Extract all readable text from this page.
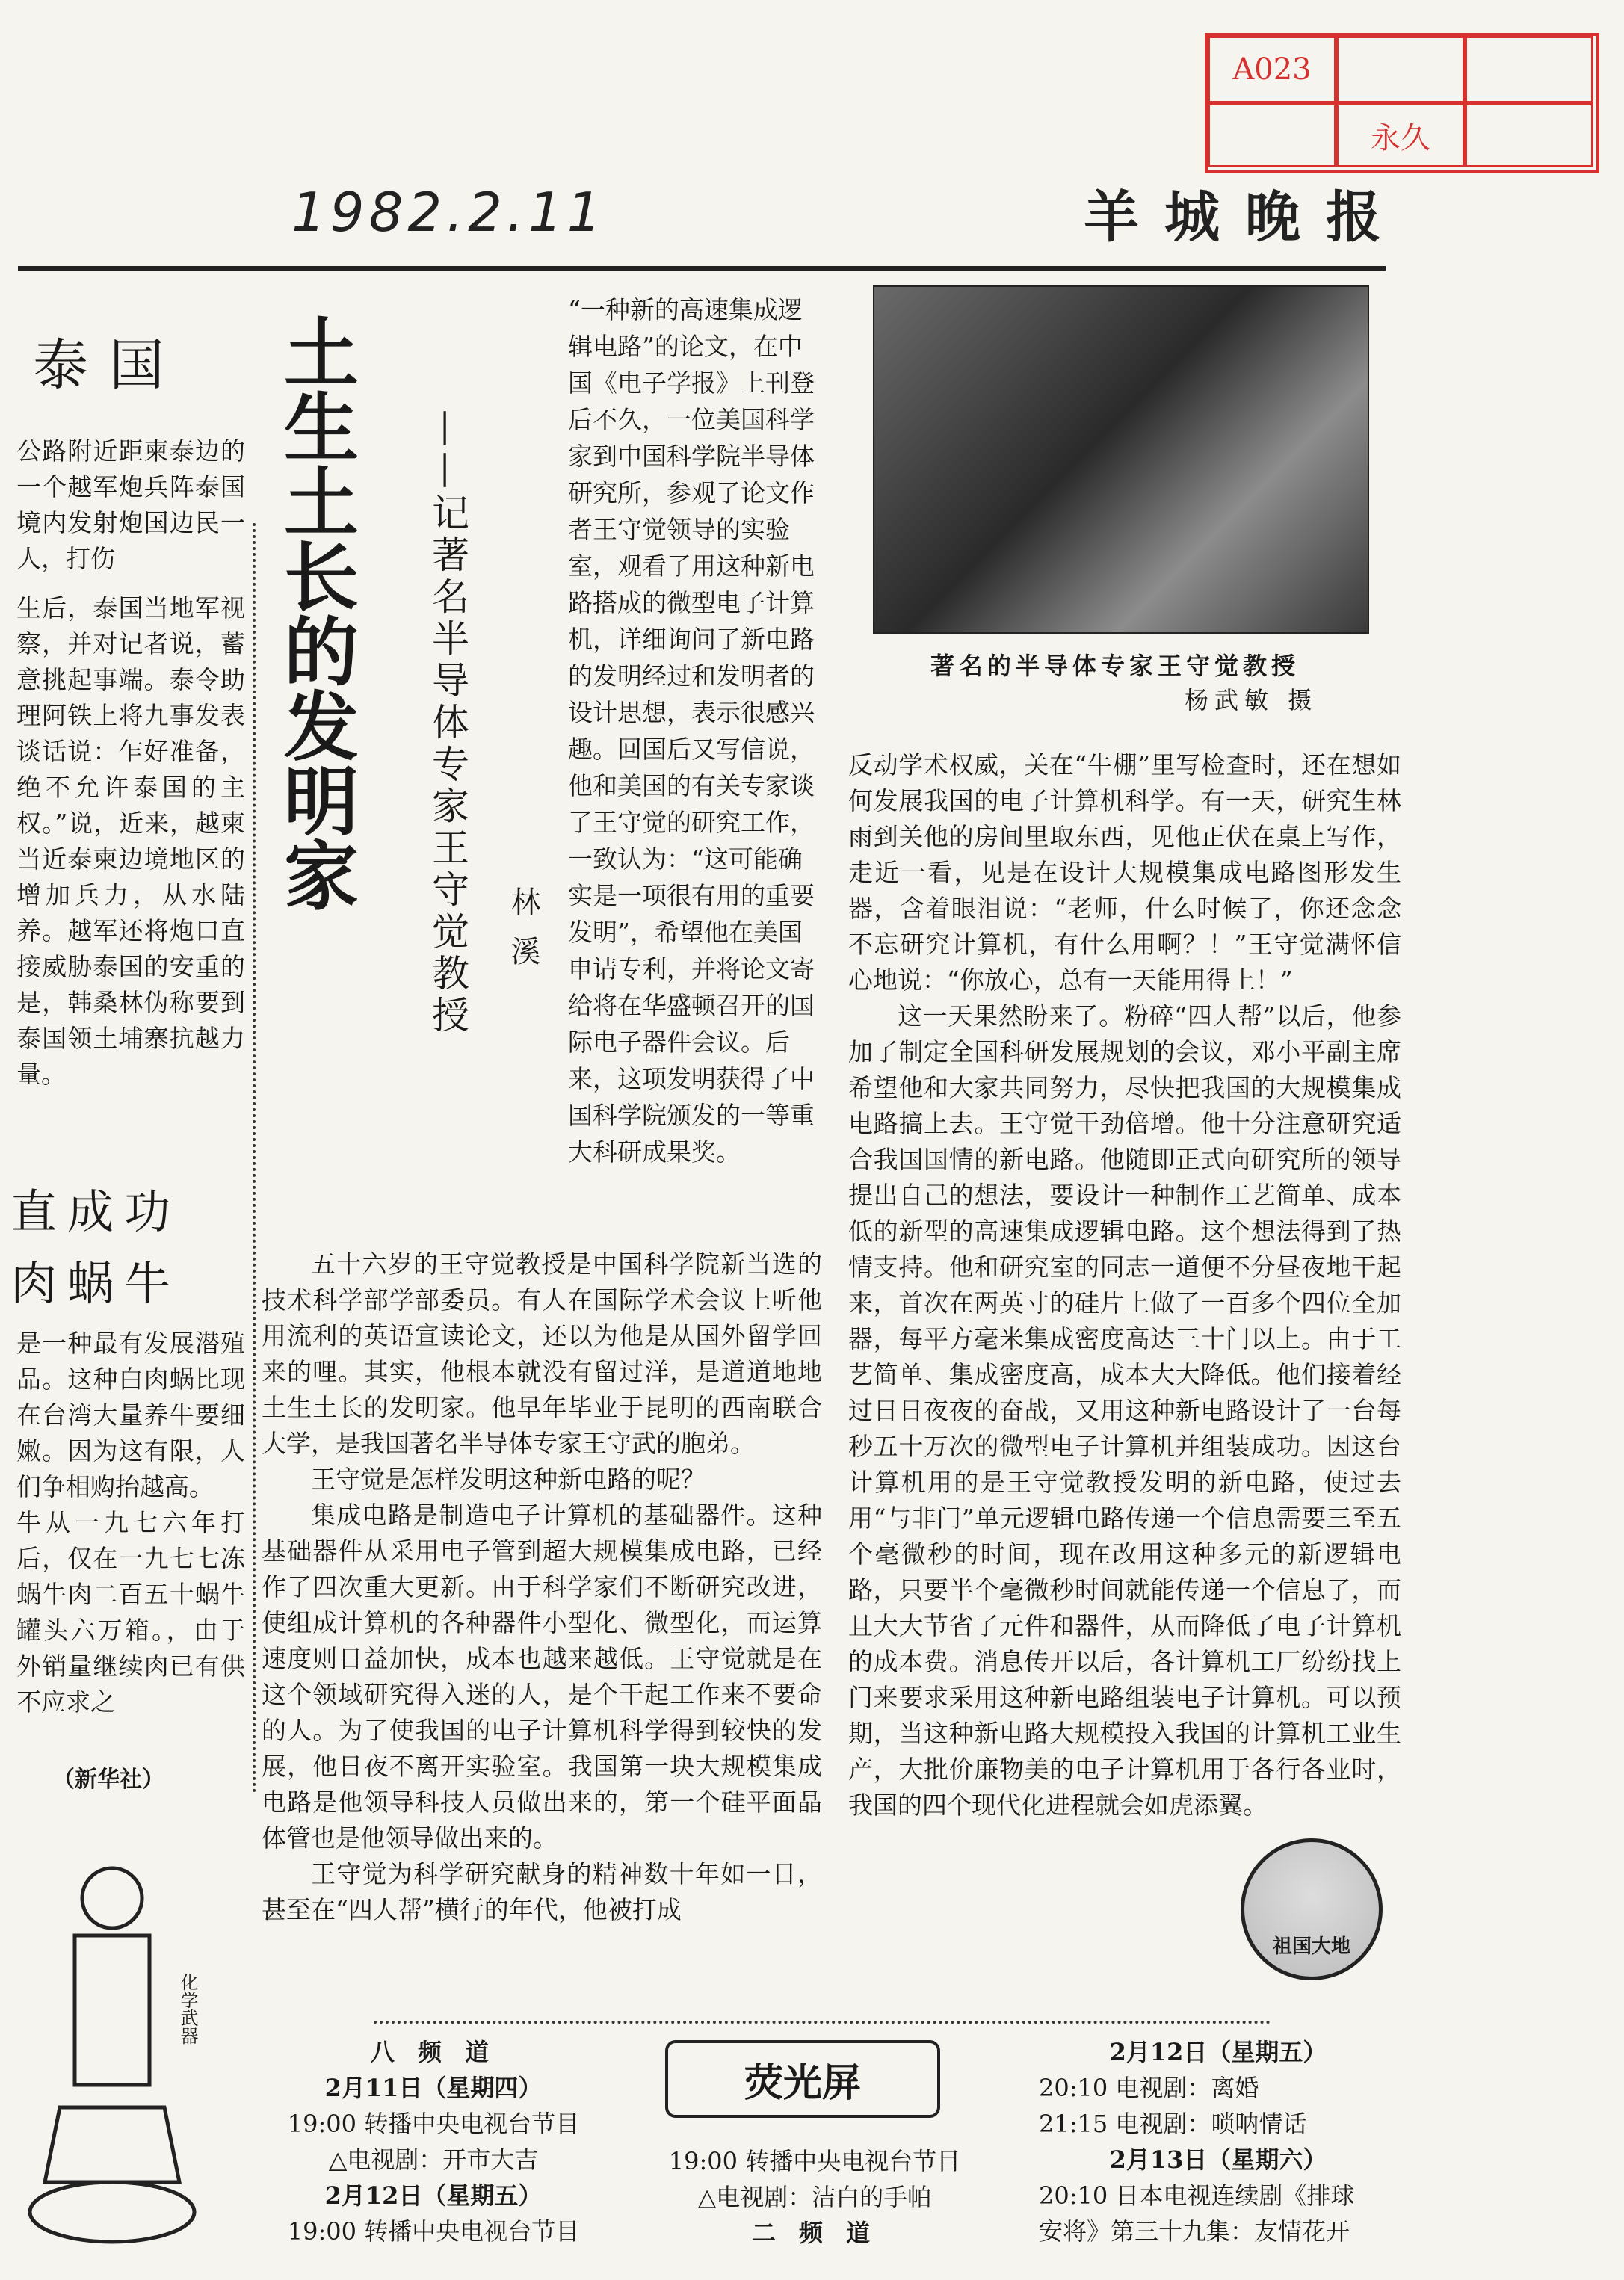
A023
永久
1982.2.11	羊城晚报
泰国

公路附近距柬泰边的一个越军炮兵阵泰国境内发射炮国边民一人，打伤

生后，泰国当地军视察，并对记者说，蓄意挑起事端。泰令助理阿铁上将九事发表谈话说：乍好准备，绝不允许泰国的主权。”说，近来，越柬当近泰柬边境地区的增加兵力，从水陆养。越军还将炮口直接威胁泰国的安重的是，韩桑林伪称要到泰国领土埔寨抗越力量。

直成功
肉蜗牛

是一种最有发展潜殖品。这种白肉蜗比现在台湾大量养牛要细嫩。因为这有限，人们争相购抬越高。

牛从一九七六年打后，仅在一九七七冻蜗牛肉二百五十蜗牛罐头六万箱。，由于外销量继续肉已有供不应求之

（新华社）
土生土长的发明家 ——记著名半导体专家王守觉教授 林溪
“一种新的高速集成逻辑电路”的论文，在中国《电子学报》上刊登后不久，一位美国科学家到中国科学院半导体研究所，参观了论文作者王守觉领导的实验室，观看了用这种新电路搭成的微型电子计算机，详细询问了新电路的发明经过和发明者的设计思想，表示很感兴趣。回国后又写信说，他和美国的有关专家谈了王守觉的研究工作，一致认为：“这可能确实是一项很有用的重要发明”，希望他在美国申请专利，并将论文寄给将在华盛顿召开的国际电子器件会议。后来，这项发明获得了中国科学院颁发的一等重大科研成果奖。
著名的半导体专家王守觉教授
杨武敏 摄

五十六岁的王守觉教授是中国科学院新当选的技术科学部学部委员。有人在国际学术会议上听他用流利的英语宣读论文，还以为他是从国外留学回来的哩。其实，他根本就没有留过洋，是道道地地土生土长的发明家。他早年毕业于昆明的西南联合大学，是我国著名半导体专家王守武的胞弟。

王守觉是怎样发明这种新电路的呢？

集成电路是制造电子计算机的基础器件。这种基础器件从采用电子管到超大规模集成电路，已经作了四次重大更新。由于科学家们不断研究改进，使组成计算机的各种器件小型化、微型化，而运算速度则日益加快，成本也越来越低。王守觉就是在这个领域研究得入迷的人，是个干起工作来不要命的人。为了使我国的电子计算机科学得到较快的发展，他日夜不离开实验室。我国第一块大规模集成电路是他领导科技人员做出来的，第一个硅平面晶体管也是他领导做出来的。

王守觉为科学研究献身的精神数十年如一日，甚至在“四人帮”横行的年代，他被打成

反动学术权威，关在“牛棚”里写检查时，还在想如何发展我国的电子计算机科学。有一天，研究生林雨到关他的房间里取东西，见他正伏在桌上写作，走近一看，见是在设计大规模集成电路图形发生器，含着眼泪说：“老师，什么时候了，你还念念不忘研究计算机，有什么用啊？！”王守觉满怀信心地说：“你放心，总有一天能用得上！”

这一天果然盼来了。粉碎“四人帮”以后，他参加了制定全国科研发展规划的会议，邓小平副主席希望他和大家共同努力，尽快把我国的大规模集成电路搞上去。王守觉干劲倍增。他十分注意研究适合我国国情的新电路。他随即正式向研究所的领导提出自己的想法，要设计一种制作工艺简单、成本低的新型的高速集成逻辑电路。这个想法得到了热情支持。他和研究室的同志一道便不分昼夜地干起来，首次在两英寸的硅片上做了一百多个四位全加器，每平方毫米集成密度高达三十门以上。由于工艺简单、集成密度高，成本大大降低。他们接着经过日日夜夜的奋战，又用这种新电路设计了一台每秒五十万次的微型电子计算机并组装成功。因这台计算机用的是王守觉教授发明的新电路，使过去用“与非门”单元逻辑电路传递一个信息需要三至五个毫微秒的时间，现在改用这种多元的新逻辑电路，只要半个毫微秒时间就能传递一个信息了，而且大大节省了元件和器件，从而降低了电子计算机的成本费。消息传开以后，各计算机工厂纷纷找上门来要求采用这种新电路组装电子计算机。可以预期，当这种新电路大规模投入我国的计算机工业生产，大批价廉物美的电子计算机用于各行各业时，我国的四个现代化进程就会如虎添翼。

祖国大地
化学武器
八 频 道
2月11日（星期四）
19:00 转播中央电视台节目
△电视剧：开市大吉
2月12日（星期五）
19:00 转播中央电视台节目
荧光屏
19:00 转播中央电视台节目
△电视剧：洁白的手帕
二 频 道
2月12日（星期五）
20:10 电视剧：离婚
21:15 电视剧：唢呐情话
2月13日（星期六）
20:10 日本电视连续剧《排球
安将》第三十九集：友情花开
